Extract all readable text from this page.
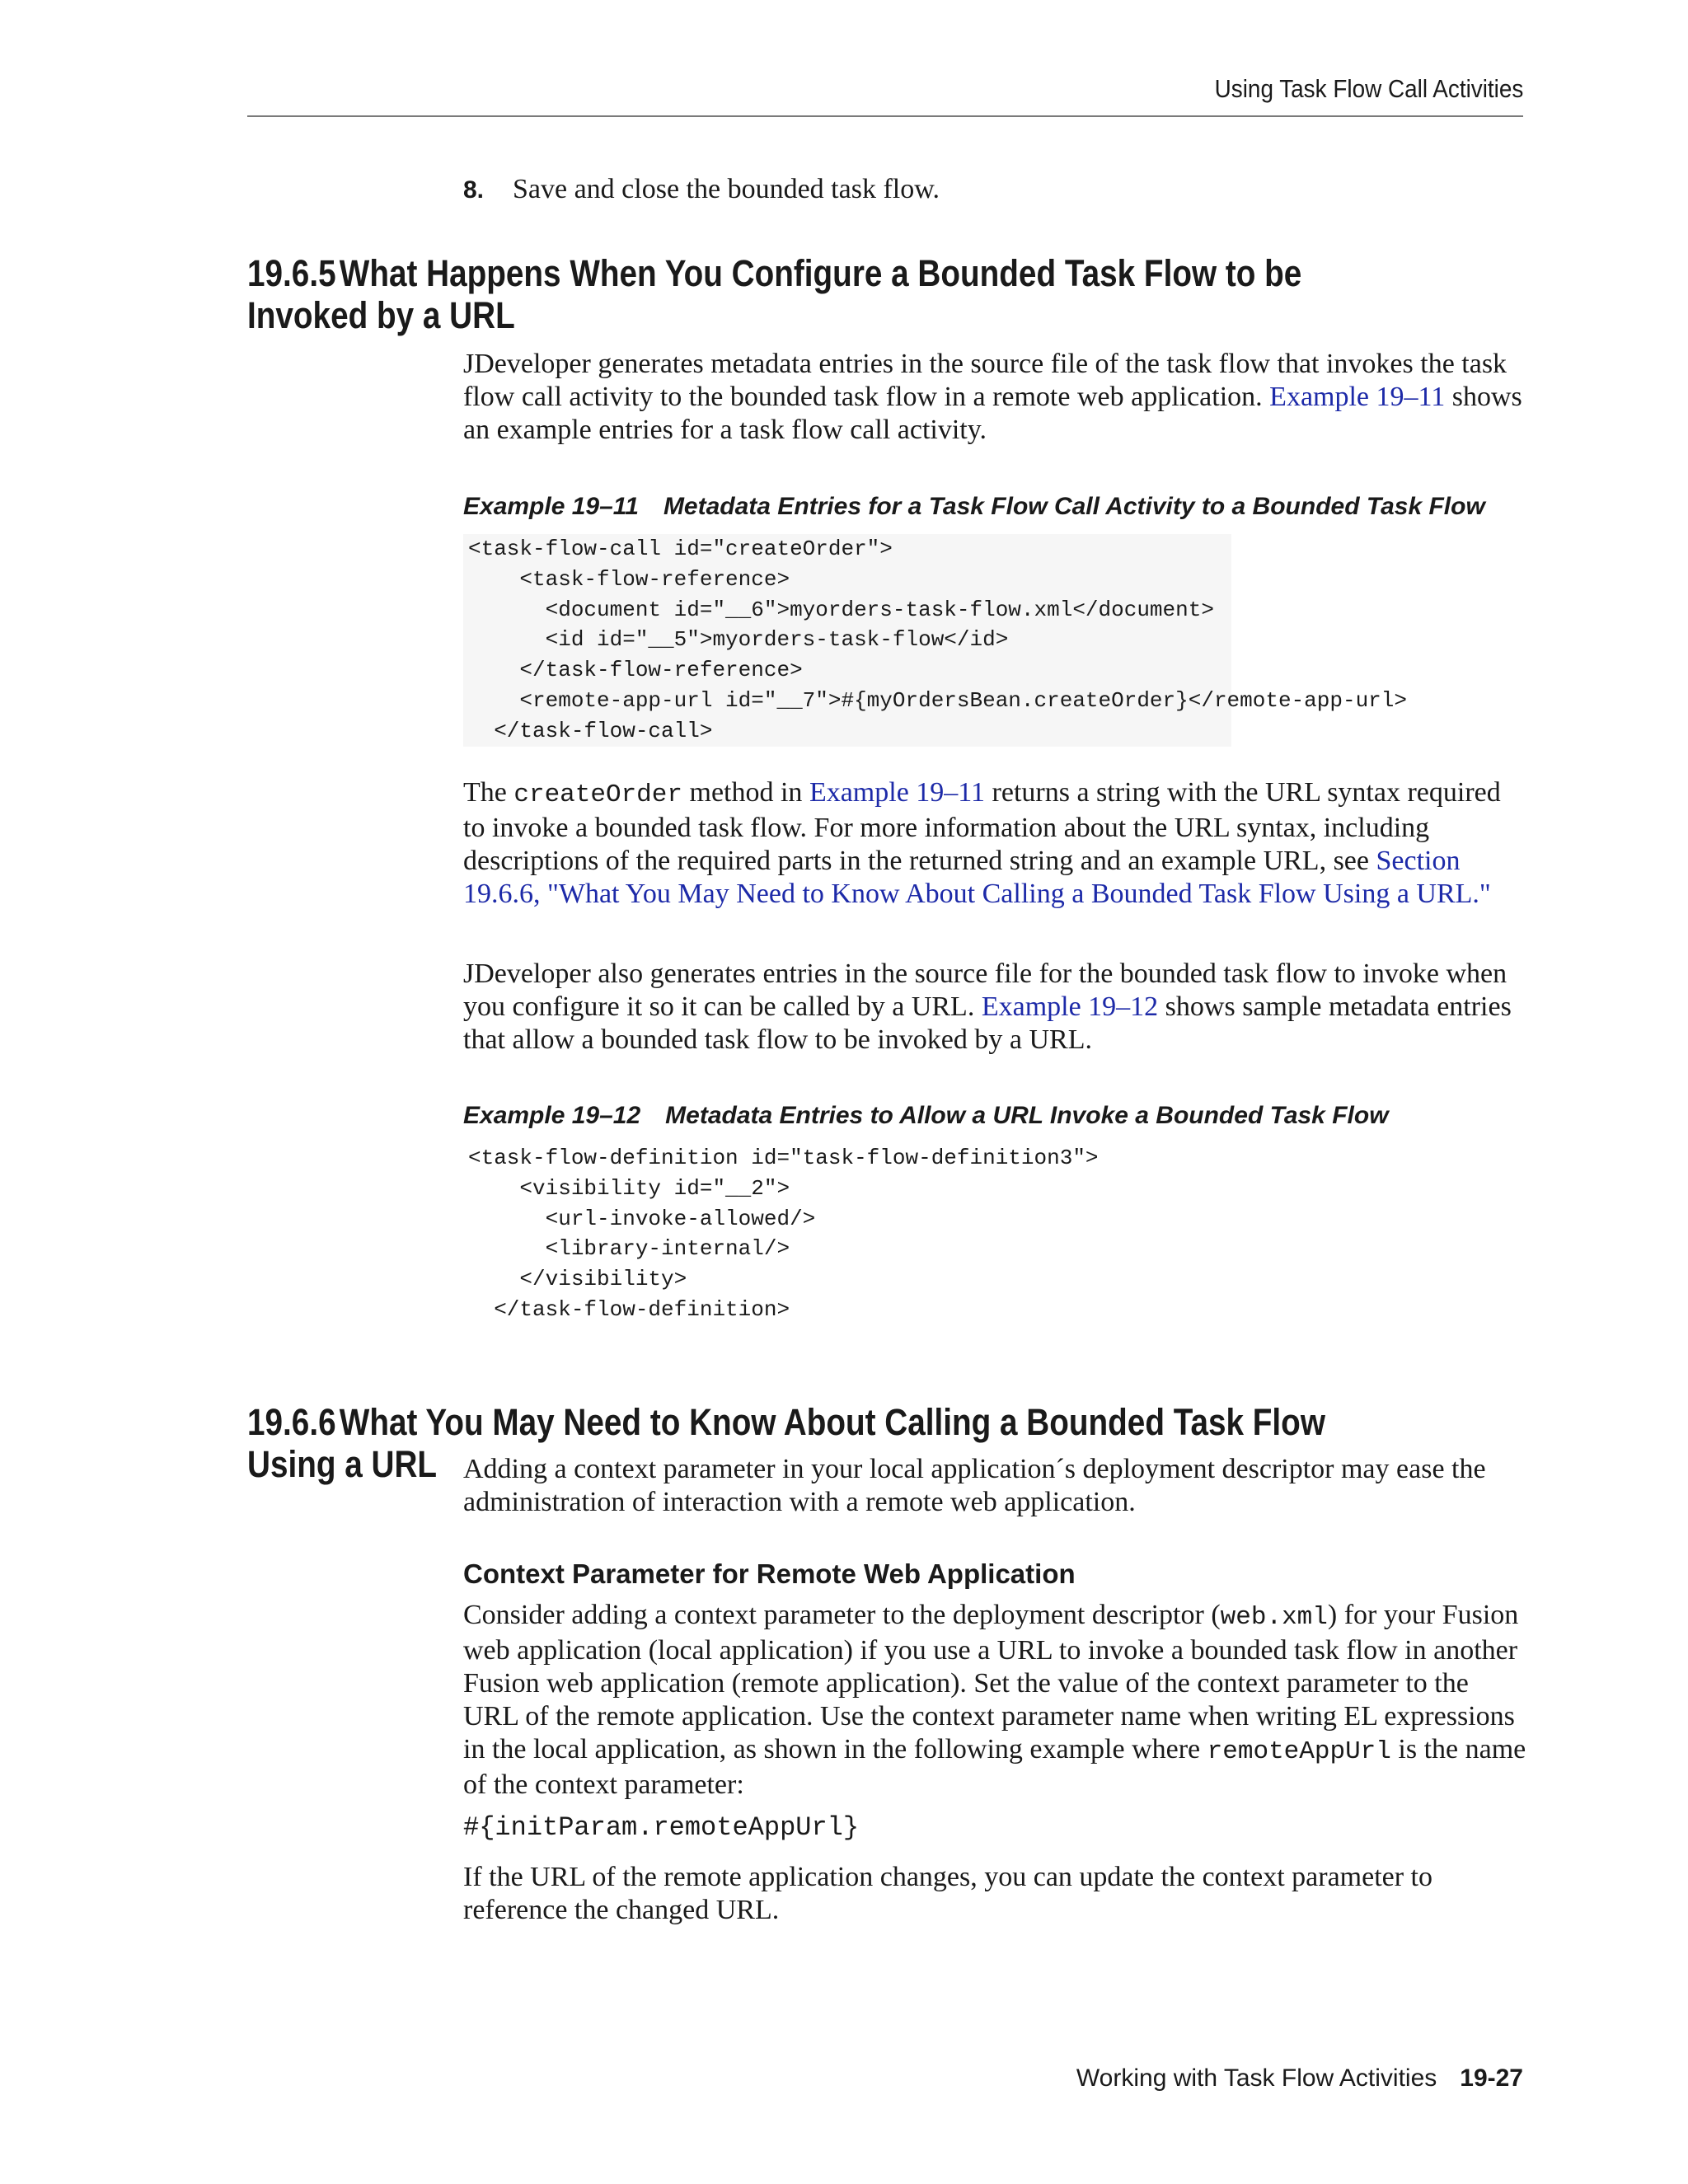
Using Task Flow Call Activities
8. Save and close the bounded task flow.
19.6.5What Happens When You Configure a Bounded Task Flow to be Invoked by a URL

JDeveloper generates metadata entries in the source file of the task flow that invokes the task flow call activity to the bounded task flow in a remote web application. Example 19–11 shows an example entries for a task flow call activity.

Example 19–11 Metadata Entries for a Task Flow Call Activity to a Bounded Task Flow
<task-flow-call id="createOrder">
<task-flow-reference>
<document id="__6">myorders-task-flow.xml</document>
<id id="__5">myorders-task-flow</id>
</task-flow-reference>
<remote-app-url id="__7">#{myOrdersBean.createOrder}</remote-app-url>
</task-flow-call>

The createOrder method in Example 19–11 returns a string with the URL syntax required to invoke a bounded task flow. For more information about the URL syntax, including descriptions of the required parts in the returned string and an example URL, see Section 19.6.6, "What You May Need to Know About Calling a Bounded Task Flow Using a URL."

JDeveloper also generates entries in the source file for the bounded task flow to invoke when you configure it so it can be called by a URL. Example 19–12 shows sample metadata entries that allow a bounded task flow to be invoked by a URL.

Example 19–12 Metadata Entries to Allow a URL Invoke a Bounded Task Flow
<task-flow-definition id="task-flow-definition3">
<visibility id="__2">
<url-invoke-allowed/>
<library-internal/>
</visibility>
</task-flow-definition>
19.6.6What You May Need to Know About Calling a Bounded Task Flow Using a URL Adding a context parameter in your local application´s deployment descriptor may ease the administration of interaction with a remote web application.

Context Parameter for Remote Web Application

Consider adding a context parameter to the deployment descriptor (web.xml) for your Fusion web application (local application) if you use a URL to invoke a bounded task flow in another Fusion web application (remote application). Set the value of the context parameter to the URL of the remote application. Use the context parameter name when writing EL expressions in the local application, as shown in the following example where remoteAppUrl is the name of the context parameter:

#{initParam.remoteAppUrl}

If the URL of the remote application changes, you can update the context parameter to reference the changed URL.

Working with Task Flow Activities 19-27
